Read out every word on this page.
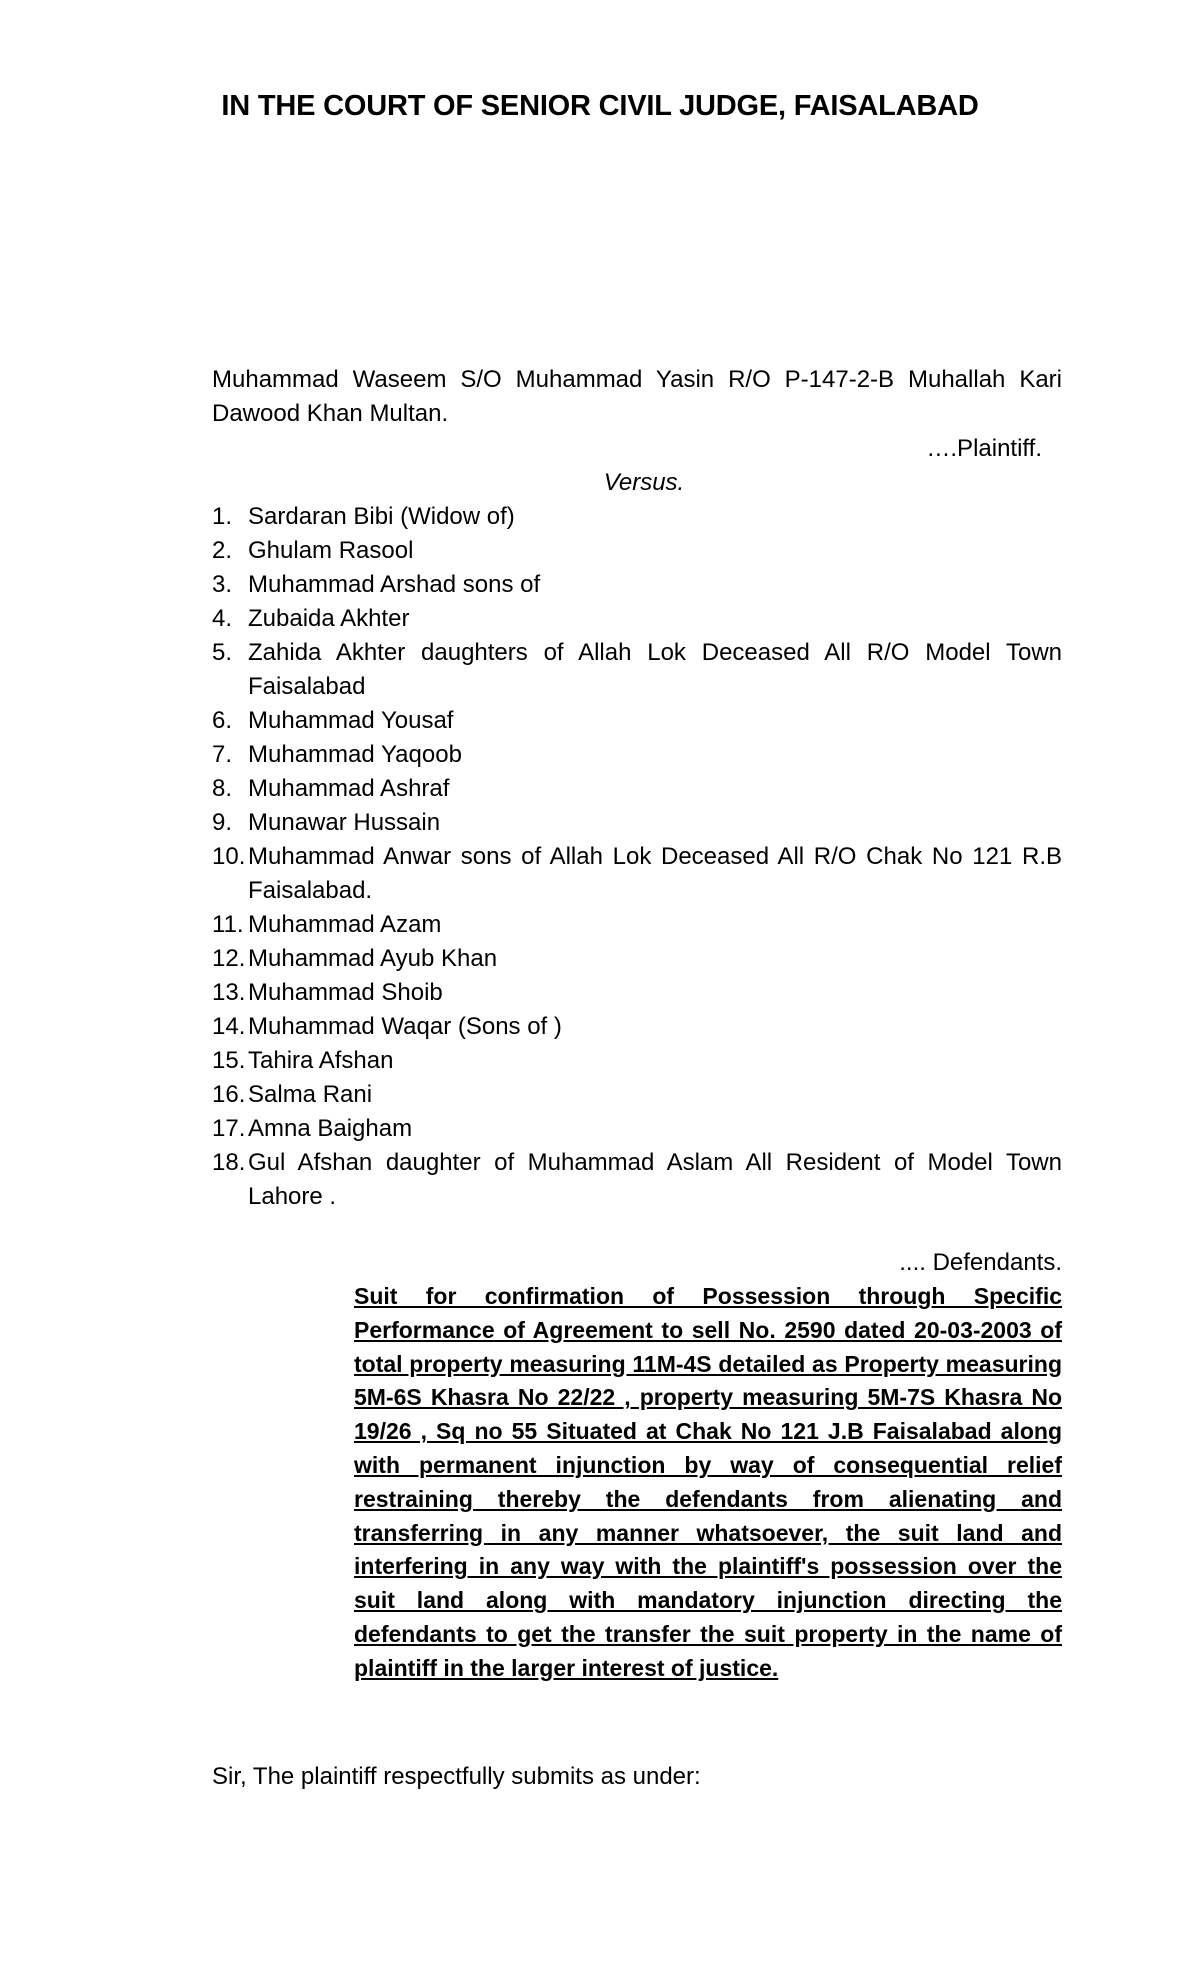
IN THE COURT OF SENIOR CIVIL JUDGE, FAISALABAD

Muhammad Waseem S/O Muhammad Yasin R/O P-147-2-B Muhallah Kari Dawood Khan Multan.

….Plaintiff.
Versus.
1. Sardaran Bibi (Widow of)
2. Ghulam Rasool
3. Muhammad Arshad sons of
4. Zubaida Akhter
5. Zahida Akhter daughters of Allah Lok Deceased All R/O Model Town Faisalabad
6. Muhammad Yousaf
7. Muhammad Yaqoob
8. Muhammad Ashraf
9. Munawar Hussain
10. Muhammad Anwar sons of Allah Lok Deceased All R/O Chak No 121 R.B Faisalabad.
11. Muhammad Azam
12. Muhammad Ayub Khan
13. Muhammad Shoib
14. Muhammad Waqar (Sons of )
15. Tahira Afshan
16. Salma Rani
17. Amna Baigham
18. Gul Afshan daughter of Muhammad Aslam All Resident of Model Town Lahore .
.... Defendants.

Suit for confirmation of Possession through Specific Performance of Agreement to sell No. 2590 dated 20-03-2003 of total property measuring 11M-4S detailed as Property measuring 5M-6S Khasra No 22/22 , property measuring 5M-7S Khasra No 19/26 , Sq no 55 Situated at Chak No 121 J.B Faisalabad along with permanent injunction by way of consequential relief restraining thereby the defendants from alienating and transferring in any manner whatsoever, the suit land and interfering in any way with the plaintiff's possession over the suit land along with mandatory injunction directing the defendants to get the transfer the suit property in the name of plaintiff in the larger interest of justice.

Sir, The plaintiff respectfully submits as under:
